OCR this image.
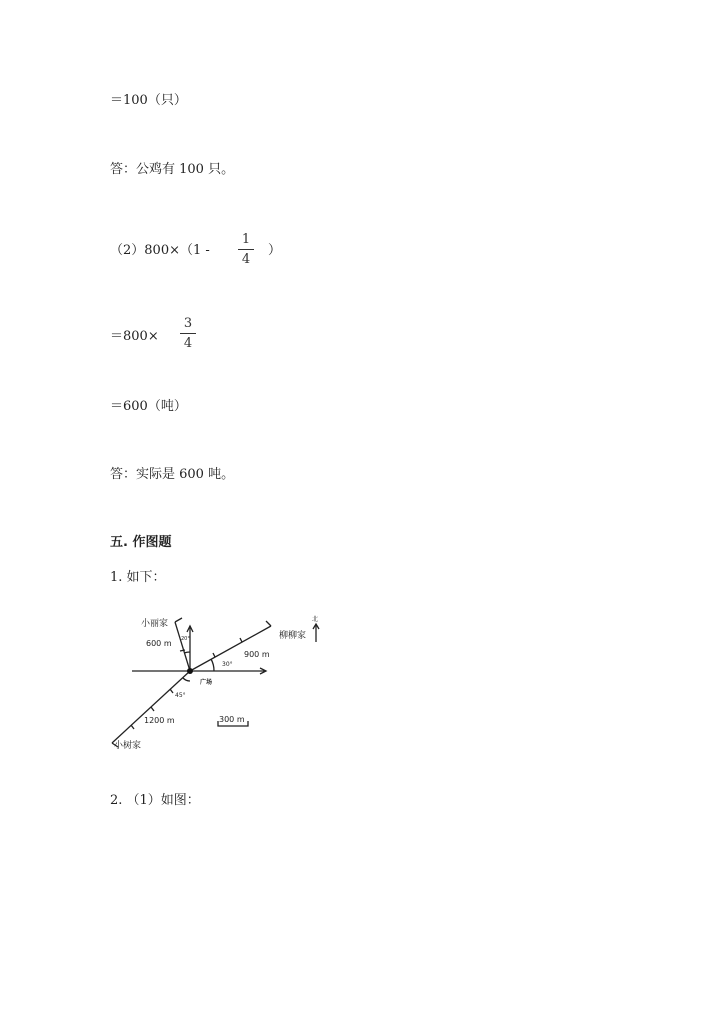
＝100（只）
答：公鸡有 100 只。
（2）800×（1 -
1
4
）
＝800×
3
4
＝600（吨）
答：实际是 600 吨。
五. 作图题
1. 如下：
小丽家
柳柳家
小树家
广场
北
600 m
900 m
1200 m	300 m
20°
30°
45°
2. （1）如图：
